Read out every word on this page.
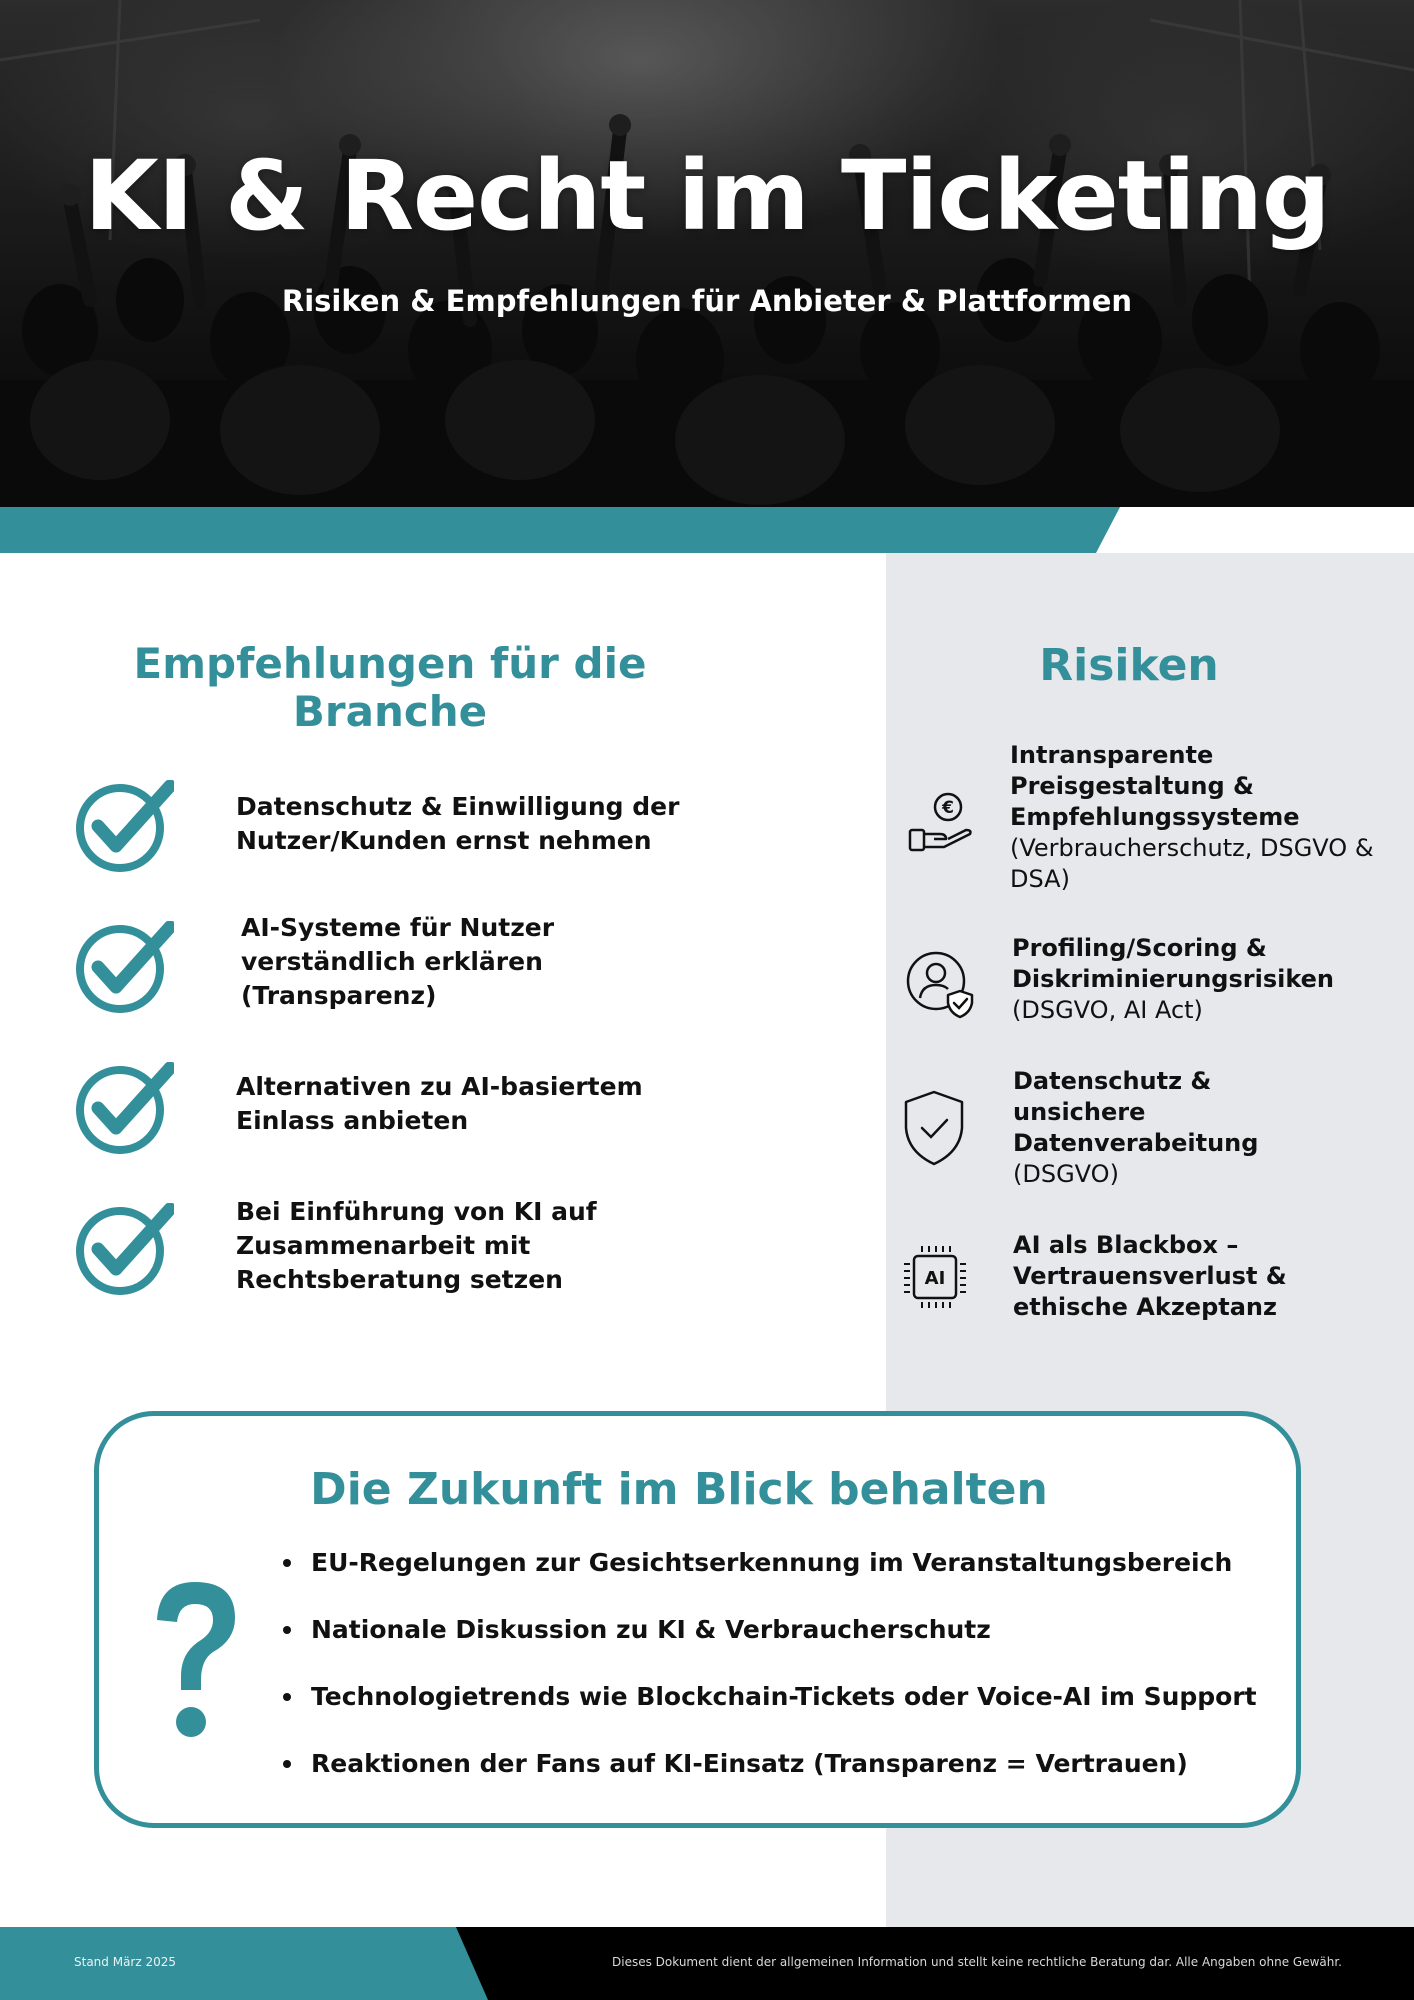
KI & Recht im Ticketing
Risiken & Empfehlungen für Anbieter & Plattformen
Empfehlungen für die Branche
Datenschutz & Einwilligung der Nutzer/Kunden ernst nehmen
AI-Systeme für Nutzer verständlich erklären (Transparenz)
Alternativen zu AI-basiertem Einlass anbieten
Bei Einführung von KI auf Zusammenarbeit mit Rechtsberatung setzen
Risiken
€
Intransparente Preisgestaltung & Empfehlungssysteme
(Verbraucherschutz, DSGVO & DSA)
Profiling/Scoring & Diskriminierungsrisiken
(DSGVO, AI Act)
Datenschutz & unsichere Datenverabeitung
(DSGVO)
AI
AI als Blackbox – Vertrauensverlust & ethische Akzeptanz
Die Zukunft im Blick behalten
EU-Regelungen zur Gesichtserkennung im Veranstaltungsbereich
Nationale Diskussion zu KI & Verbraucherschutz
Technologietrends wie Blockchain-Tickets oder Voice-AI im Support
Reaktionen der Fans auf KI-Einsatz (Transparenz = Vertrauen)
Stand März 2025	Dieses Dokument dient der allgemeinen Information und stellt keine rechtliche Beratung dar. Alle Angaben ohne Gewähr.
